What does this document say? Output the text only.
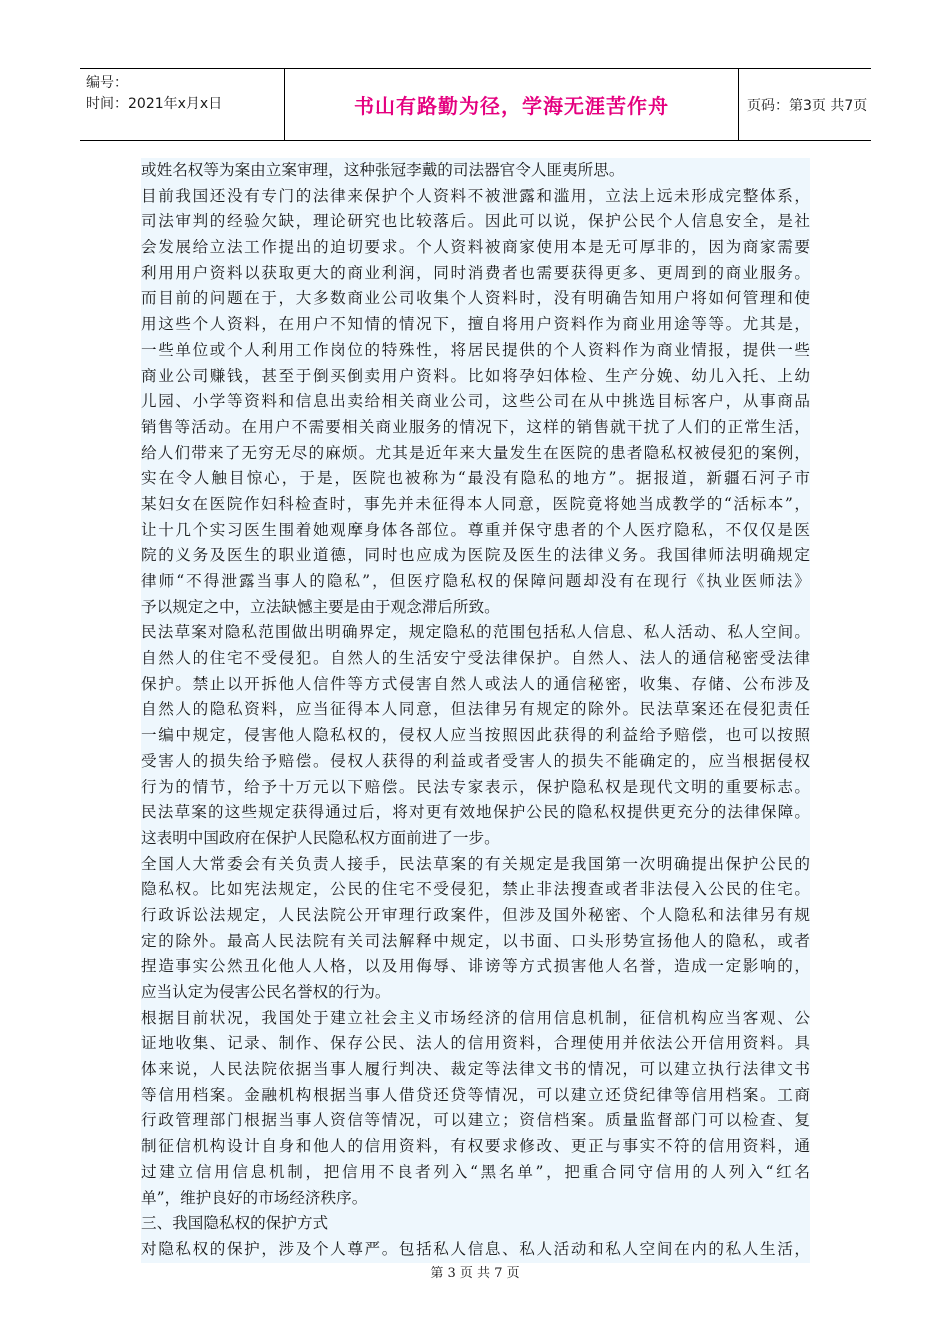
编号：
时间：2021年x月x日	书山有路勤为径，学海无涯苦作舟	页码：第3页 共7页
或姓名权等为案由立案审理，这种张冠李戴的司法器官令人匪夷所思。
目前我国还没有专门的法律来保护个人资料不被泄露和滥用，立法上远未形成完整体系，
司法审判的经验欠缺，理论研究也比较落后。因此可以说，保护公民个人信息安全，是社
会发展给立法工作提出的迫切要求。个人资料被商家使用本是无可厚非的，因为商家需要
利用用户资料以获取更大的商业利润，同时消费者也需要获得更多、更周到的商业服务。
而目前的问题在于，大多数商业公司收集个人资料时，没有明确告知用户将如何管理和使
用这些个人资料，在用户不知情的情况下，擅自将用户资料作为商业用途等等。尤其是，
一些单位或个人利用工作岗位的特殊性，将居民提供的个人资料作为商业情报，提供一些
商业公司赚钱，甚至于倒买倒卖用户资料。比如将孕妇体检、生产分娩、幼儿入托、上幼
儿园、小学等资料和信息出卖给相关商业公司，这些公司在从中挑选目标客户，从事商品
销售等活动。在用户不需要相关商业服务的情况下，这样的销售就干扰了人们的正常生活，
给人们带来了无穷无尽的麻烦。尤其是近年来大量发生在医院的患者隐私权被侵犯的案例，
实在令人触目惊心，于是，医院也被称为“最没有隐私的地方”。据报道，新疆石河子市
某妇女在医院作妇科检查时，事先并未征得本人同意，医院竟将她当成教学的“活标本”，
让十几个实习医生围着她观摩身体各部位。尊重并保守患者的个人医疗隐私，不仅仅是医
院的义务及医生的职业道德，同时也应成为医院及医生的法律义务。我国律师法明确规定
律师“不得泄露当事人的隐私”，但医疗隐私权的保障问题却没有在现行《执业医师法》
予以规定之中，立法缺憾主要是由于观念滞后所致。
民法草案对隐私范围做出明确界定，规定隐私的范围包括私人信息、私人活动、私人空间。
自然人的住宅不受侵犯。自然人的生活安宁受法律保护。自然人、法人的通信秘密受法律
保护。禁止以开拆他人信件等方式侵害自然人或法人的通信秘密，收集、存储、公布涉及
自然人的隐私资料，应当征得本人同意，但法律另有规定的除外。民法草案还在侵犯责任
一编中规定，侵害他人隐私权的，侵权人应当按照因此获得的利益给予赔偿，也可以按照
受害人的损失给予赔偿。侵权人获得的利益或者受害人的损失不能确定的，应当根据侵权
行为的情节，给予十万元以下赔偿。民法专家表示，保护隐私权是现代文明的重要标志。
民法草案的这些规定获得通过后，将对更有效地保护公民的隐私权提供更充分的法律保障。
这表明中国政府在保护人民隐私权方面前进了一步。
全国人大常委会有关负责人接手，民法草案的有关规定是我国第一次明确提出保护公民的
隐私权。比如宪法规定，公民的住宅不受侵犯，禁止非法搜查或者非法侵入公民的住宅。
行政诉讼法规定，人民法院公开审理行政案件，但涉及国外秘密、个人隐私和法律另有规
定的除外。最高人民法院有关司法解释中规定，以书面、口头形势宣扬他人的隐私，或者
捏造事实公然丑化他人人格，以及用侮辱、诽谤等方式损害他人名誉，造成一定影响的，
应当认定为侵害公民名誉权的行为。
根据目前状况，我国处于建立社会主义市场经济的信用信息机制，征信机构应当客观、公
证地收集、记录、制作、保存公民、法人的信用资料，合理使用并依法公开信用资料。具
体来说，人民法院依据当事人履行判决、裁定等法律文书的情况，可以建立执行法律文书
等信用档案。金融机构根据当事人借贷还贷等情况，可以建立还贷纪律等信用档案。工商
行政管理部门根据当事人资信等情况，可以建立；资信档案。质量监督部门可以检查、复
制征信机构设计自身和他人的信用资料，有权要求修改、更正与事实不符的信用资料，通
过建立信用信息机制，把信用不良者列入“黑名单”，把重合同守信用的人列入“红名
单”，维护良好的市场经济秩序。
三、我国隐私权的保护方式
对隐私权的保护，涉及个人尊严。包括私人信息、私人活动和私人空间在内的私人生活，
第 3 页 共 7 页
